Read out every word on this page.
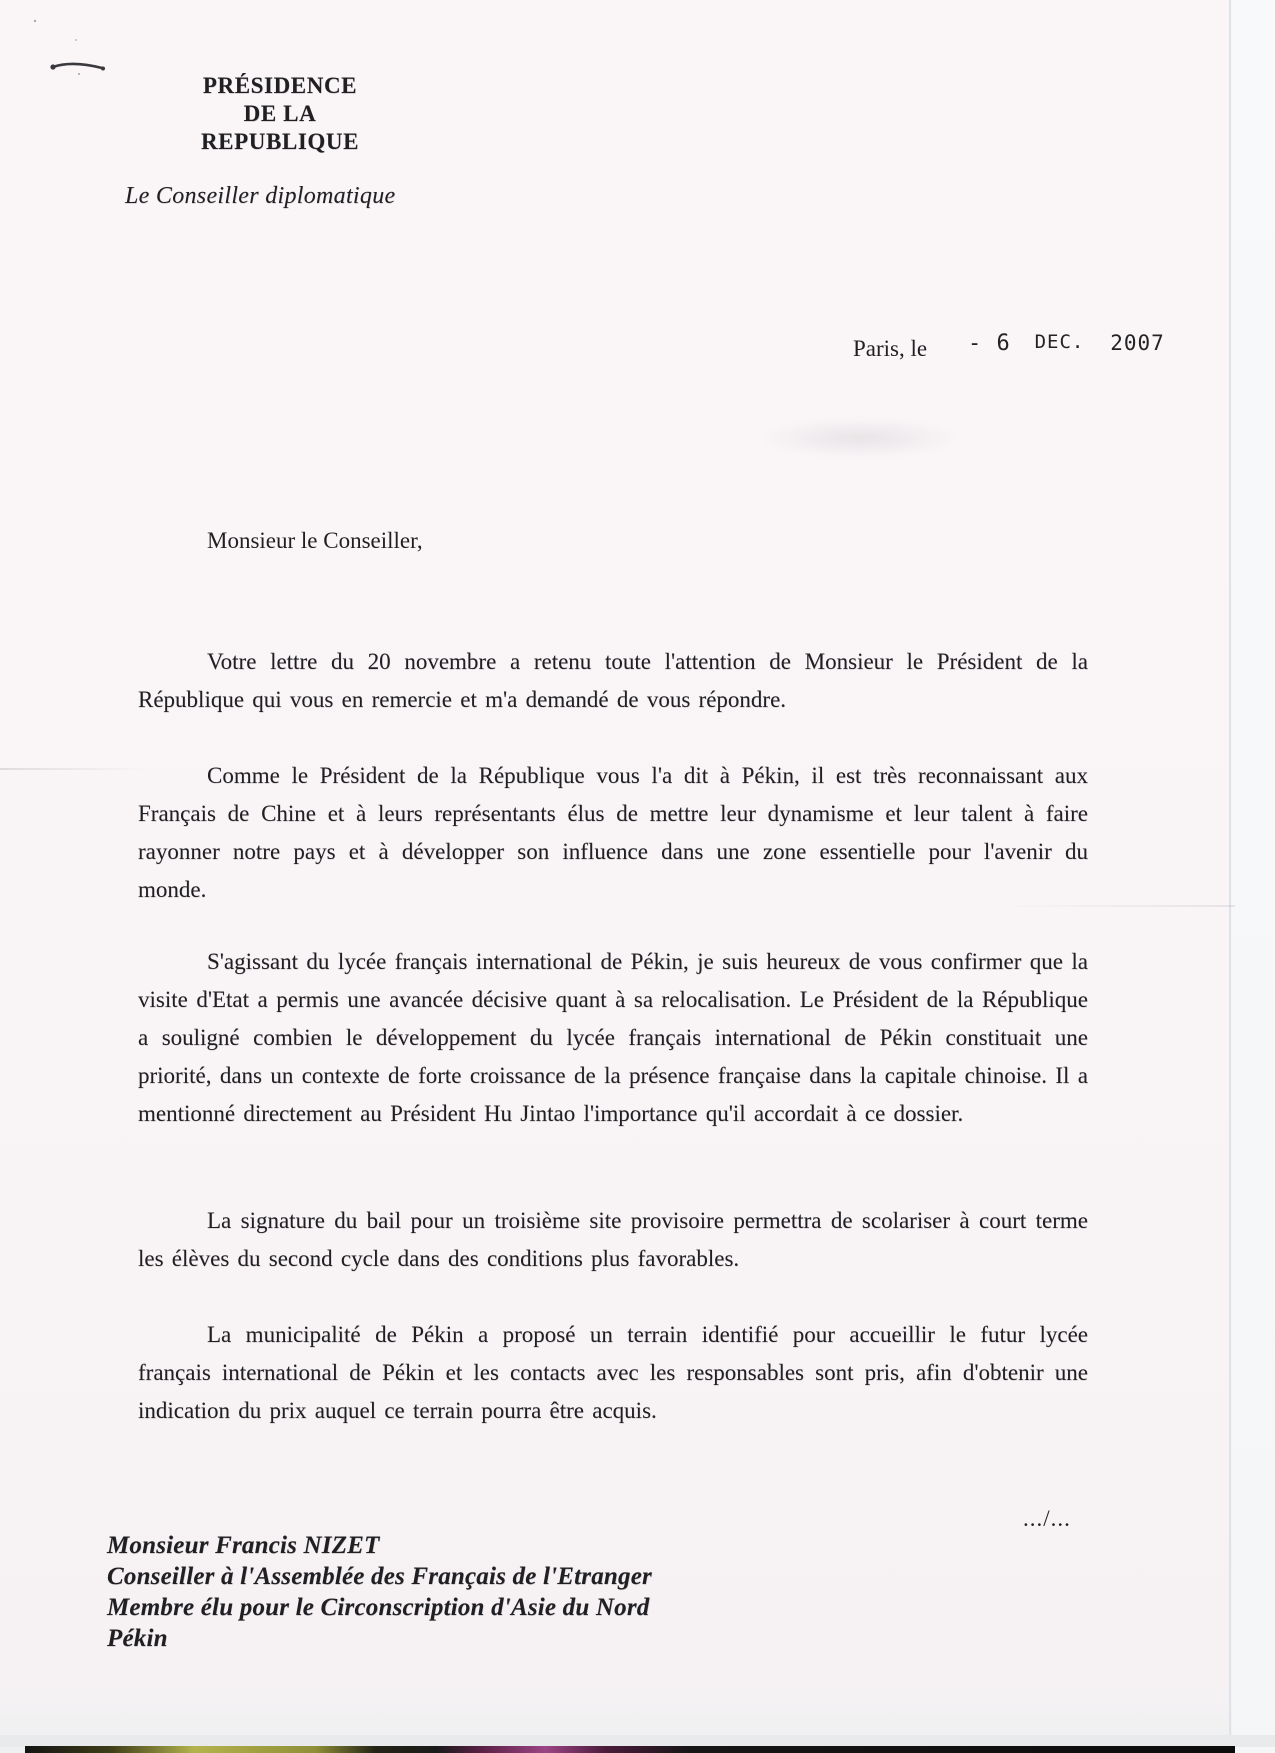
PRÉSIDENCE
DE LA
REPUBLIQUE
Le Conseiller diplomatique
Paris, le - 6 DEC. 2007
Monsieur le Conseiller,

Votre lettre du 20 novembre a retenu toute l'attention de Monsieur le Président de la République qui vous en remercie et m'a demandé de vous répondre.

Comme le Président de la République vous l'a dit à Pékin, il est très reconnaissant aux Français de Chine et à leurs représentants élus de mettre leur dynamisme et leur talent à faire rayonner notre pays et à développer son influence dans une zone essentielle pour l'avenir du monde.

S'agissant du lycée français international de Pékin, je suis heureux de vous confirmer que la visite d'Etat a permis une avancée décisive quant à sa relocalisation. Le Président de la République a souligné combien le développement du lycée français international de Pékin constituait une priorité, dans un contexte de forte croissance de la présence française dans la capitale chinoise. Il a mentionné directement au Président Hu Jintao l'importance qu'il accordait à ce dossier.

La signature du bail pour un troisième site provisoire permettra de scolariser à court terme les élèves du second cycle dans des conditions plus favorables.

La municipalité de Pékin a proposé un terrain identifié pour accueillir le futur lycée français international de Pékin et les contacts avec les responsables sont pris, afin d'obtenir une indication du prix auquel ce terrain pourra être acquis.

.../...
Monsieur Francis NIZET
Conseiller à l'Assemblée des Français de l'Etranger
Membre élu pour le Circonscription d'Asie du Nord
Pékin
